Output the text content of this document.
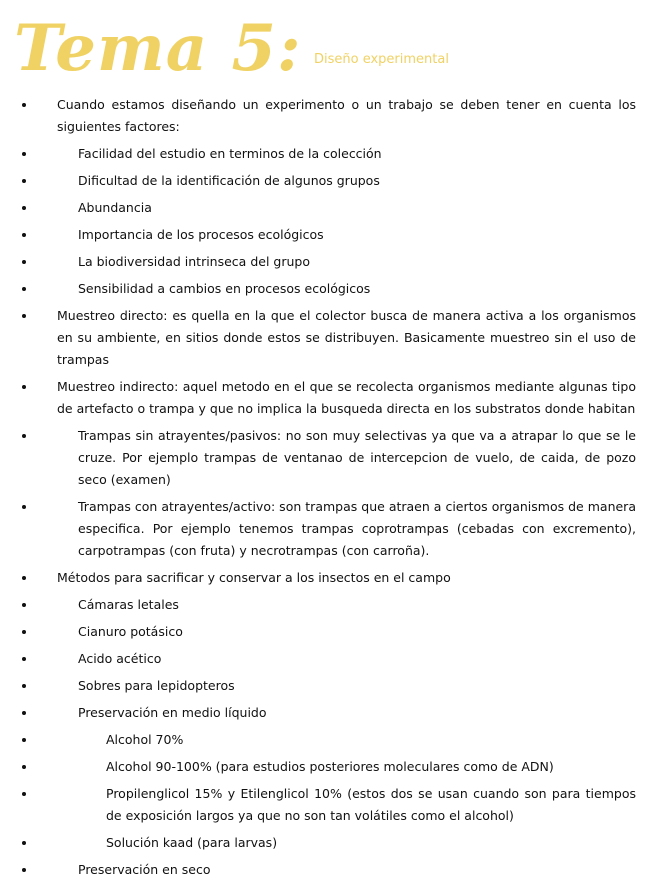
Tema 5: Diseño experimental
Cuando estamos diseñando un experimento o un trabajo se deben tener en cuenta los siguientes factores:
Facilidad del estudio en terminos de la colección
Dificultad de la identificación de algunos grupos
Abundancia
Importancia de los procesos ecológicos
La biodiversidad intrinseca del grupo
Sensibilidad a cambios en procesos ecológicos
Muestreo directo: es quella en la que el colector busca de manera activa a los organismos en su ambiente, en sitios donde estos se distribuyen. Basicamente muestreo sin el uso de trampas
Muestreo indirecto: aquel metodo en el que se recolecta organismos mediante algunas tipo de artefacto o trampa y que no implica la busqueda directa en los substratos donde habitan
Trampas sin atrayentes/pasivos: no son muy selectivas ya que va a atrapar lo que se le cruze. Por ejemplo trampas de ventanao de intercepcion de vuelo, de caida, de pozo seco (examen)
Trampas con atrayentes/activo: son trampas que atraen a ciertos organismos de manera especifica. Por ejemplo tenemos trampas coprotrampas (cebadas con excremento), carpotrampas (con fruta) y necrotrampas (con carroña).
Métodos para sacrificar y conservar a los insectos en el campo
Cámaras letales
Cianuro potásico
Acido acético
Sobres para lepidopteros
Preservación en medio líquido
Alcohol 70%
Alcohol 90-100% (para estudios posteriores moleculares como de ADN)
Propilenglicol 15% y Etilenglicol 10% (estos dos se usan cuando son para tiempos de exposición largos ya que no son tan volátiles como el alcohol)
Solución kaad (para larvas)
Preservación en seco
